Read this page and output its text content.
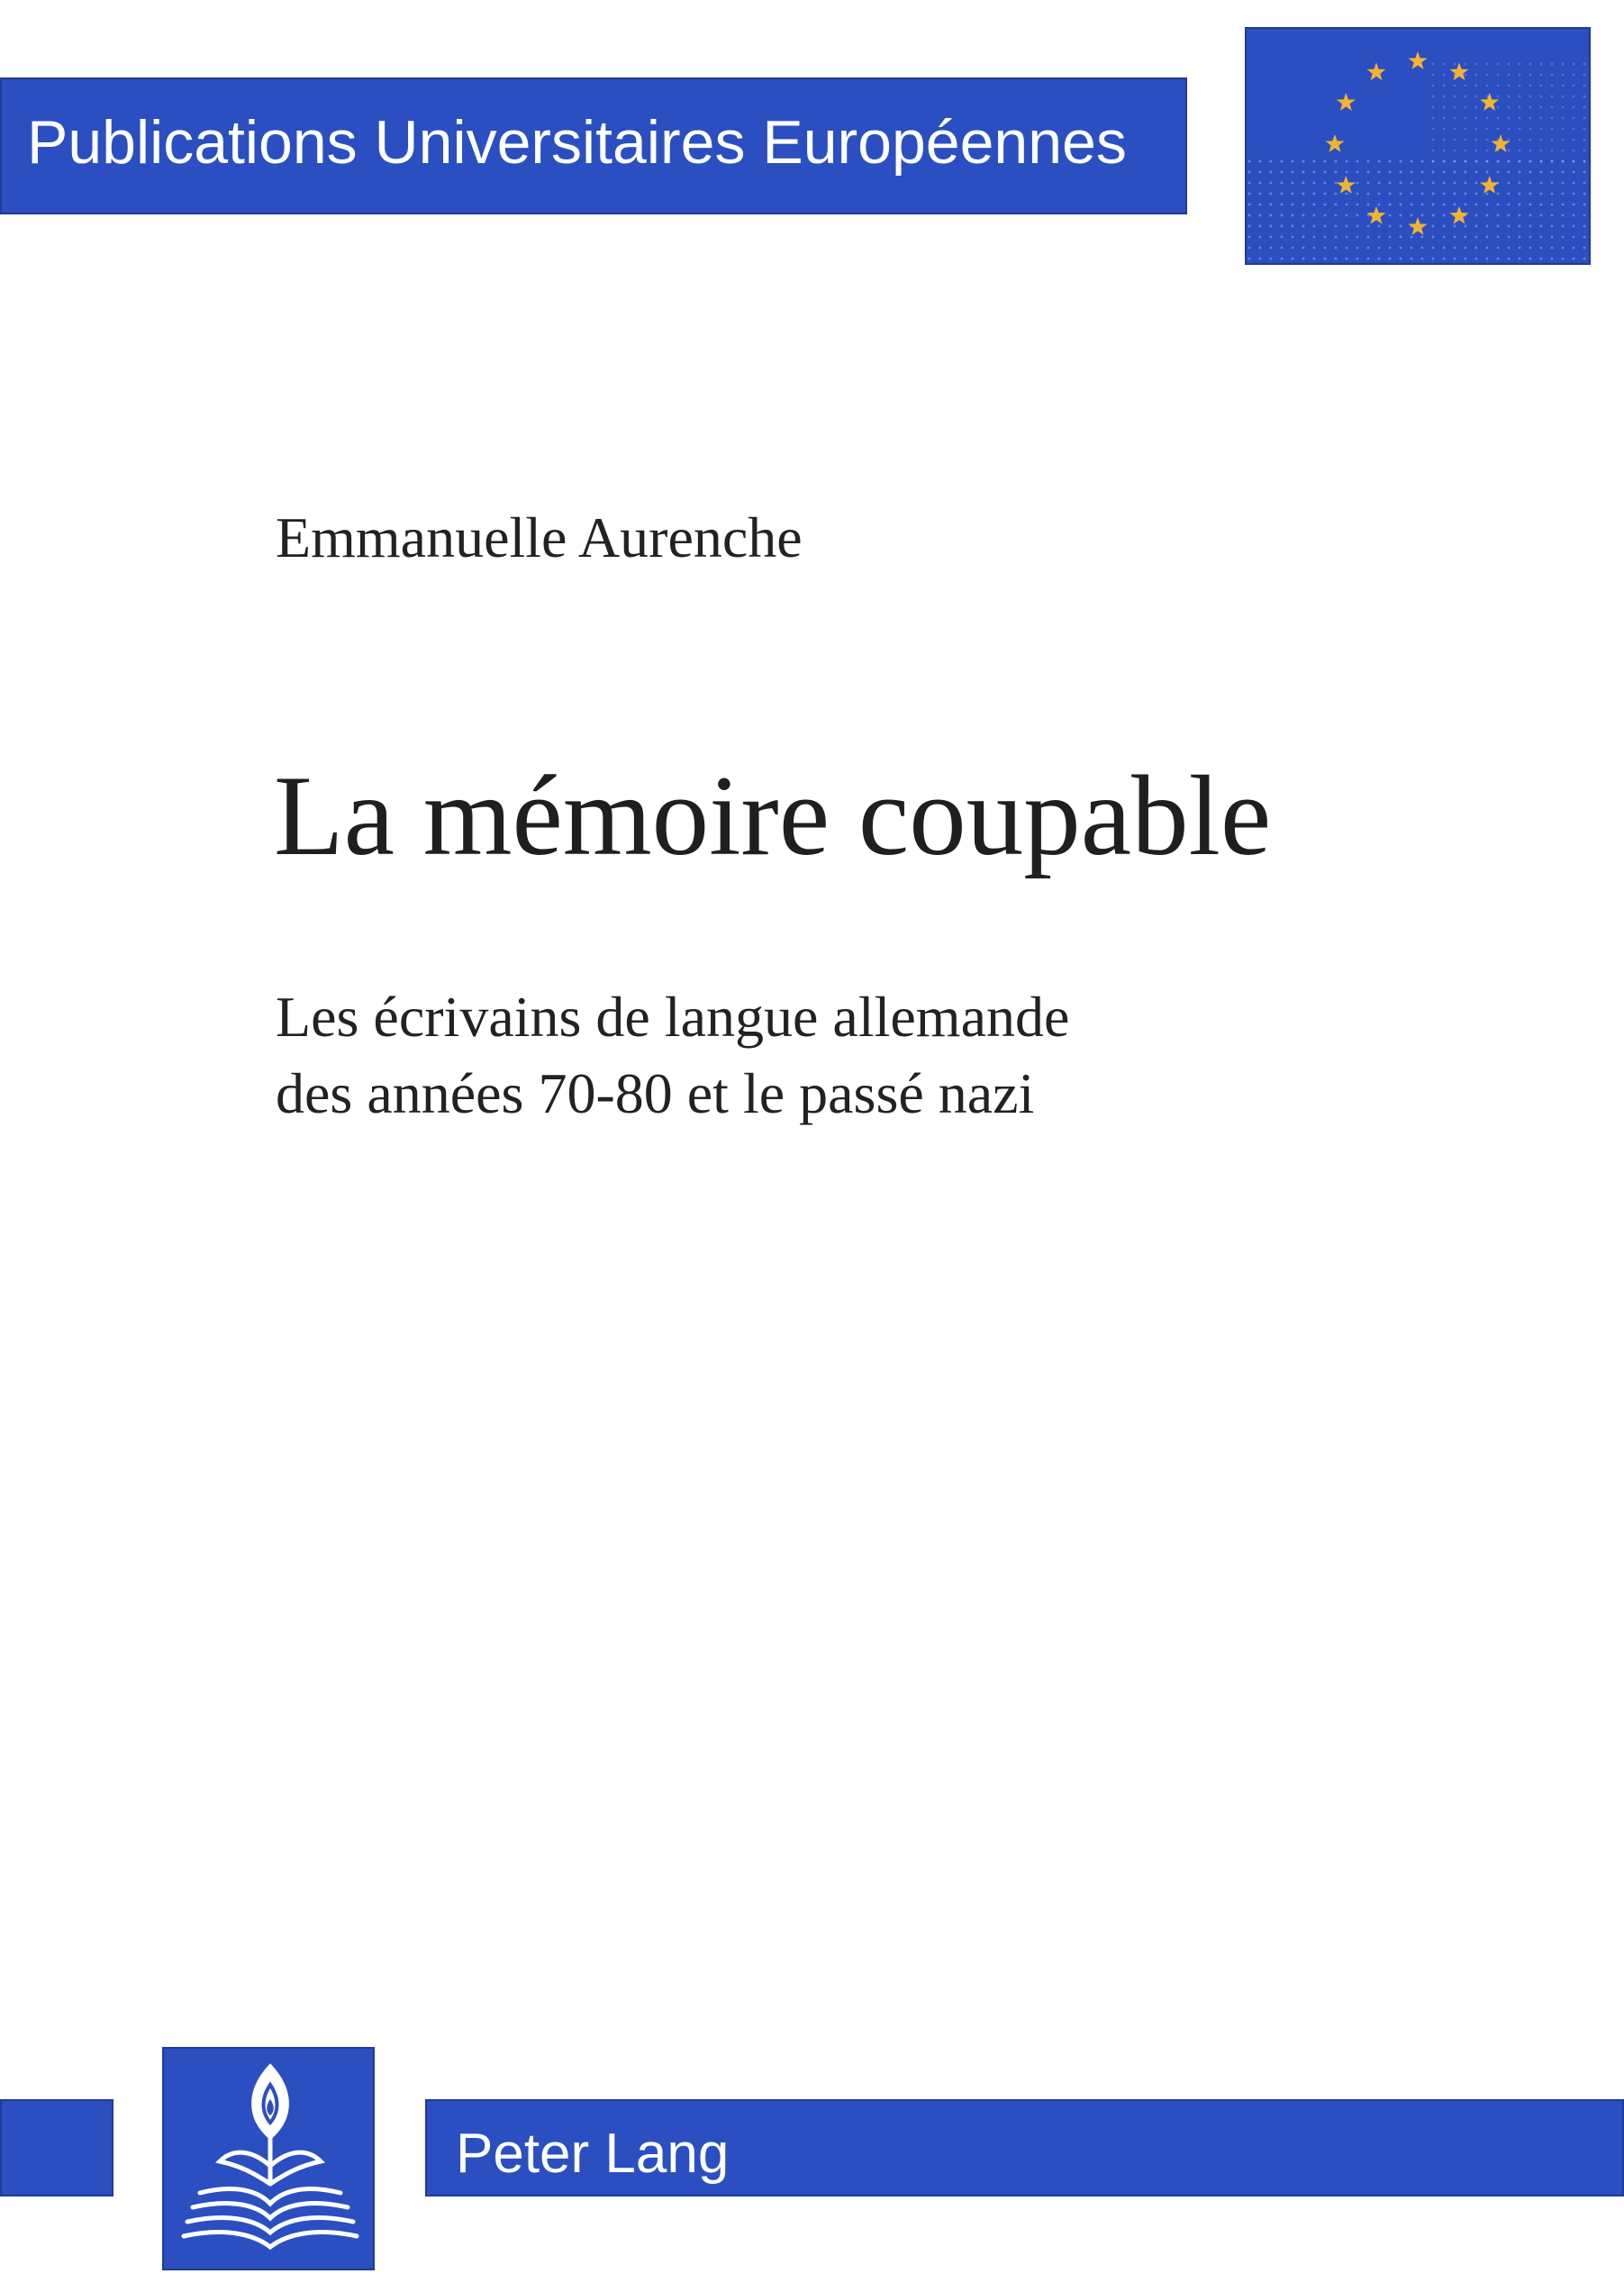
Publications Universitaires Européennes
Emmanuelle Aurenche
La mémoire coupable
Les écrivains de langue allemande
des années 70-80 et le passé nazi
Peter Lang
